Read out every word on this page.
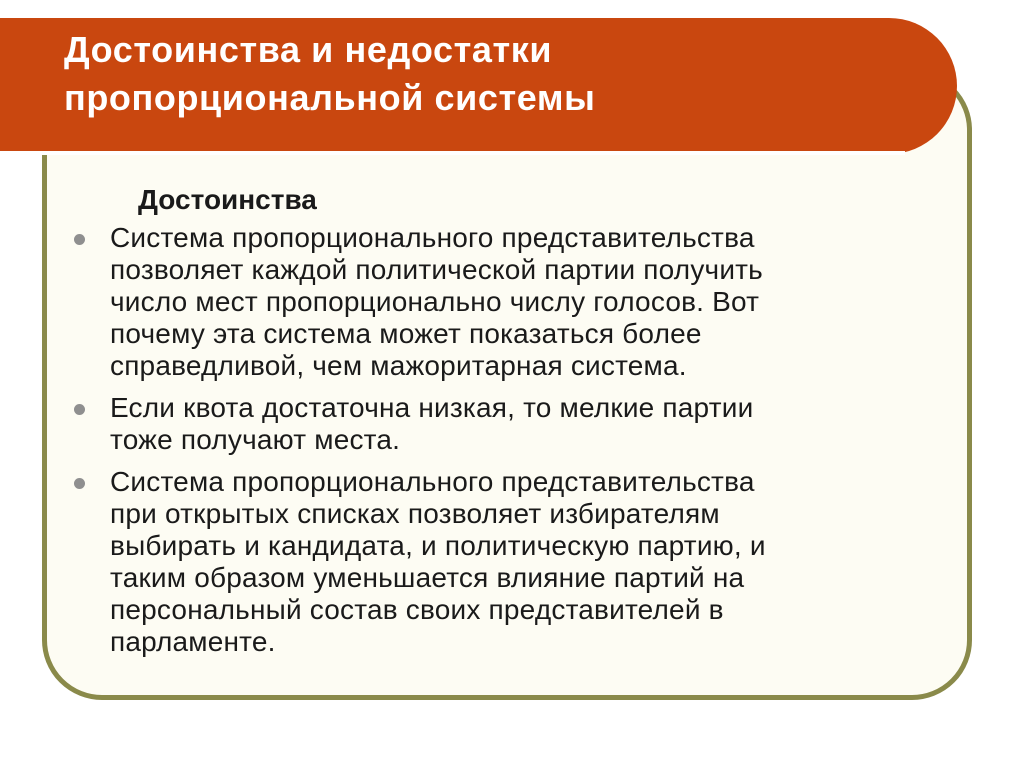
Достоинства и недостатки
пропорциональной системы
Достоинства
Система пропорционального представительства
позволяет каждой политической партии получить
число мест пропорционально числу голосов. Вот
почему эта система может показаться более
справедливой, чем мажоритарная система.
Если квота достаточна низкая, то мелкие партии
тоже получают места.
Система пропорционального представительства
при открытых списках позволяет избирателям
выбирать и кандидата, и политическую партию, и
таким образом уменьшается влияние партий на
персональный состав своих представителей в
парламенте.
